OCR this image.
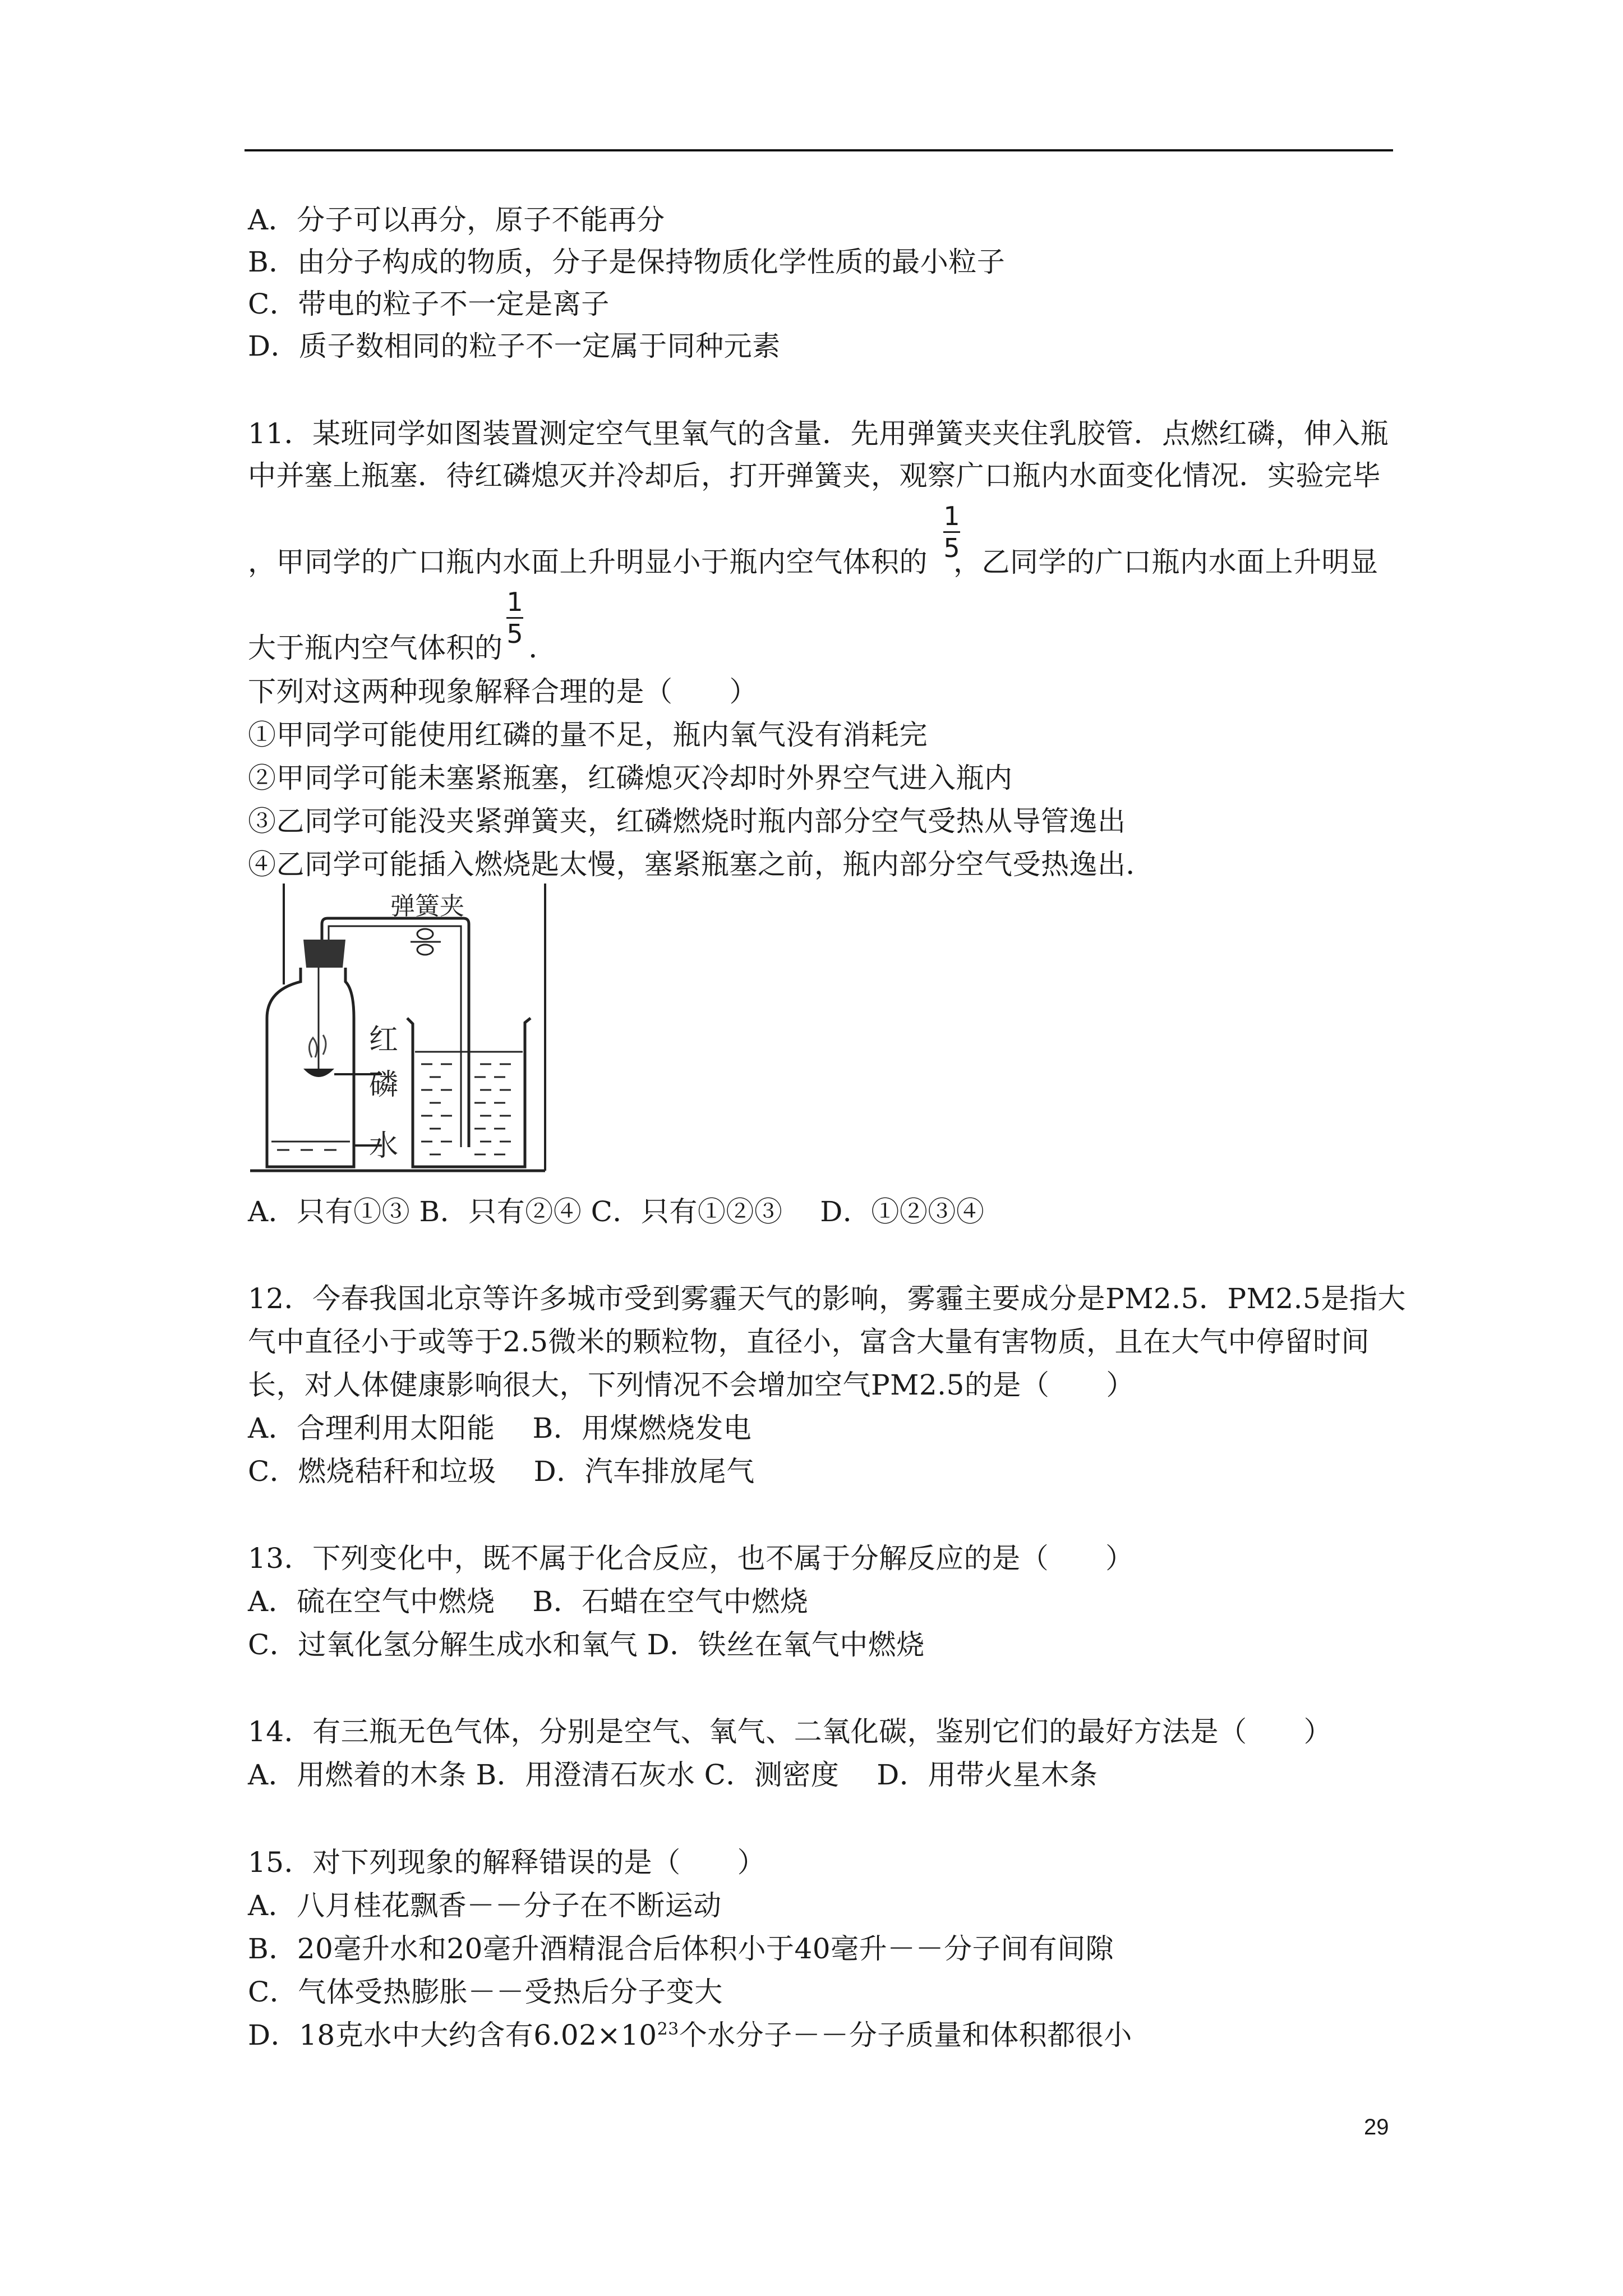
A．分子可以再分，原子不能再分
B．由分子构成的物质，分子是保持物质化学性质的最小粒子
C．带电的粒子不一定是离子
D．质子数相同的粒子不一定属于同种元素
11．某班同学如图装置测定空气里氧气的含量．先用弹簧夹夹住乳胶管．点燃红磷，伸入瓶
中并塞上瓶塞．待红磷熄灭并冷却后，打开弹簧夹，观察广口瓶内水面变化情况．实验完毕
，甲同学的广口瓶内水面上升明显小于瓶内空气体积的 ，乙同学的广口瓶内水面上升明显
1
5
大于瓶内空气体积的 ．
1
5
下列对这两种现象解释合理的是（　　）
①甲同学可能使用红磷的量不足，瓶内氧气没有消耗完
②甲同学可能未塞紧瓶塞，红磷熄灭冷却时外界空气进入瓶内
③乙同学可能没夹紧弹簧夹，红磷燃烧时瓶内部分空气受热从导管逸出
④乙同学可能插入燃烧匙太慢，塞紧瓶塞之前，瓶内部分空气受热逸出．
弹簧夹
红
磷
水
A．只有①③ B．只有②④ C．只有①②③　 D．①②③④
12．今春我国北京等许多城市受到雾霾天气的影响，雾霾主要成分是PM2.5．PM2.5是指大
气中直径小于或等于2.5微米的颗粒物，直径小，富含大量有害物质，且在大气中停留时间
长，对人体健康影响很大，下列情况不会增加空气PM2.5的是（　　）
A．合理利用太阳能　 B．用煤燃烧发电
C．燃烧秸秆和垃圾　 D．汽车排放尾气
13．下列变化中，既不属于化合反应，也不属于分解反应的是（　　）
A．硫在空气中燃烧　 B．石蜡在空气中燃烧
C．过氧化氢分解生成水和氧气 D．铁丝在氧气中燃烧
14．有三瓶无色气体，分别是空气、氧气、二氧化碳，鉴别它们的最好方法是（　　）
A．用燃着的木条 B．用澄清石灰水 C．测密度　 D．用带火星木条
15．对下列现象的解释错误的是（　　）
A．八月桂花飘香－－分子在不断运动
B．20毫升水和20毫升酒精混合后体积小于40毫升－－分子间有间隙
C．气体受热膨胀－－受热后分子变大
D．18克水中大约含有$6.02\times 10^{23}$个水分子－－分子质量和体积都很小
29
